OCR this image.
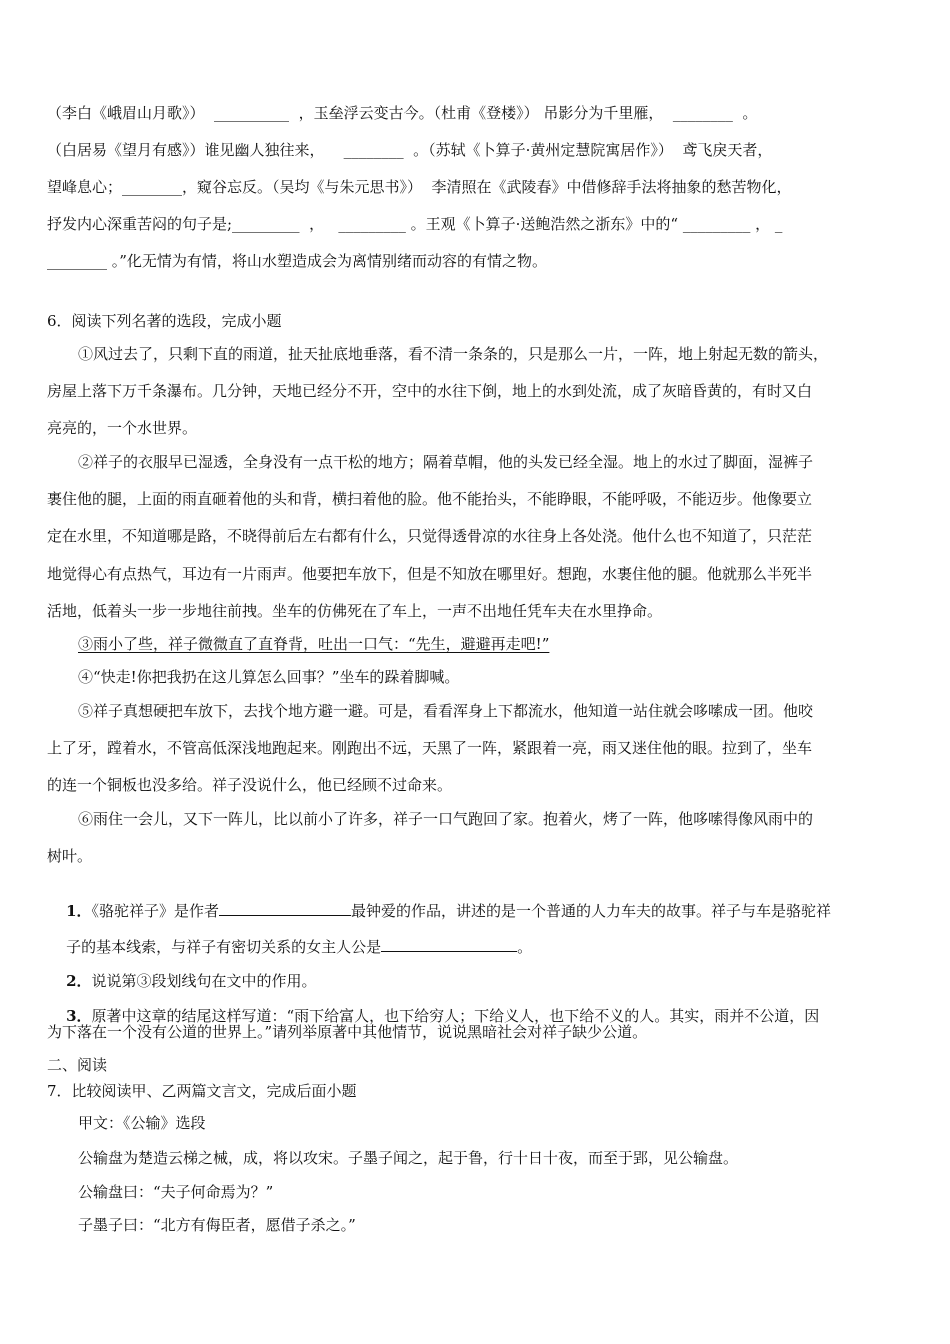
（李白《峨眉山月歌》）  __________  ，玉垒浮云变古今。（杜甫《登楼》） 吊影分为千里雁，  ________  。
（白居易《望月有感》）谁见幽人独往来，    ________  。（苏轼《卜算子·黄州定慧院寓居作》）  鸢飞戾天者，
望峰息心；________，窥谷忘反。（吴均《与朱元思书》）  李清照在《武陵春》中借修辞手法将抽象的愁苦物化，
抒发内心深重苦闷的句子是;_________  ，   _________ 。王观《卜算子·送鲍浩然之浙东》中的“ _________ ， _
________ 。”化无情为有情，将山水塑造成会为离情别绪而动容的有情之物。
6．阅读下列名著的选段，完成小题
①风过去了，只剩下直的雨道，扯天扯底地垂落，看不清一条条的，只是那么一片，一阵，地上射起无数的箭头，
房屋上落下万千条瀑布。几分钟，天地已经分不开，空中的水往下倒，地上的水到处流，成了灰暗昏黄的，有时又白
亮亮的，一个水世界。
②祥子的衣服早已湿透，全身没有一点干松的地方；隔着草帽，他的头发已经全湿。地上的水过了脚面，湿裤子
裹住他的腿，上面的雨直砸着他的头和背，横扫着他的脸。他不能抬头，不能睁眼，不能呼吸，不能迈步。他像要立
定在水里，不知道哪是路，不晓得前后左右都有什么，只觉得透骨凉的水往身上各处浇。他什么也不知道了，只茫茫
地觉得心有点热气，耳边有一片雨声。他要把车放下，但是不知放在哪里好。想跑，水裹住他的腿。他就那么半死半
活地，低着头一步一步地往前拽。坐车的仿佛死在了车上，一声不出地任凭车夫在水里挣命。
③雨小了些，祥子微微直了直脊背，吐出一口气：“先生，避避再走吧!”
④“快走!你把我扔在这儿算怎么回事？”坐车的跺着脚喊。
⑤祥子真想硬把车放下，去找个地方避一避。可是，看看浑身上下都流水，他知道一站住就会哆嗦成一团。他咬
上了牙，蹚着水，不管高低深浅地跑起来。刚跑出不远，天黑了一阵，紧跟着一亮，雨又迷住他的眼。拉到了，坐车
的连一个铜板也没多给。祥子没说什么，他已经顾不过命来。
⑥雨住一会儿，又下一阵儿，比以前小了许多，祥子一口气跑回了家。抱着火，烤了一阵，他哆嗦得像风雨中的
树叶。

1．《骆驼祥子》是作者	最钟爱的作品，讲述的是一个普通的人力车夫的故事。祥子与车是骆驼祥

子的基本线索，与祥子有密切关系的女主人公是	。

2．说说第③段划线句在文中的作用。

3．原著中这章的结尾这样写道：“雨下给富人，也下给穷人；下给义人，也下给不义的人。其实，雨并不公道，因

为下落在一个没有公道的世界上。”请列举原著中其他情节，说说黑暗社会对祥子缺少公道。
二、阅读
7．比较阅读甲、乙两篇文言文，完成后面小题
甲文：《公输》选段
公输盘为楚造云梯之械，成，将以攻宋。子墨子闻之，起于鲁，行十日十夜，而至于郢，见公输盘。
公输盘曰：“夫子何命焉为？”
子墨子曰：“北方有侮臣者，愿借子杀之。”
